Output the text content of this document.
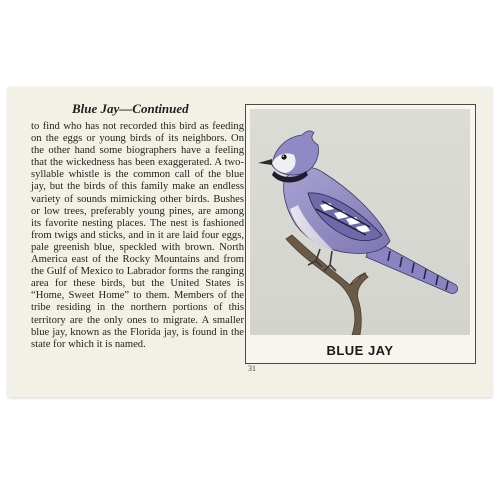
Blue Jay—Continued

to find who has not recorded this bird as feeding on the eggs or young birds of its neighbors. On the other hand some biographers have a feeling that the wickedness has been exaggerated. A twosyllable whistle is the common call of the blue jay, but the birds of this family make an endless variety of sounds mimicking other birds. Bushes or low trees, preferably young pines, are among its favorite nesting places. The nest is fashioned from twigs and sticks, and in it are laid four eggs, pale greenish blue, speckled with brown. North America east of the Rocky Mountains and from the Gulf of Mexico to Labrador forms the ranging area for these birds, but the United States is “Home, Sweet Home” to them. Members of the tribe residing in the northern portions of this territory are the only ones to migrate. A smaller blue jay, known as the Florida jay, is found in the state for which it is named.

31
BLUE JAY
